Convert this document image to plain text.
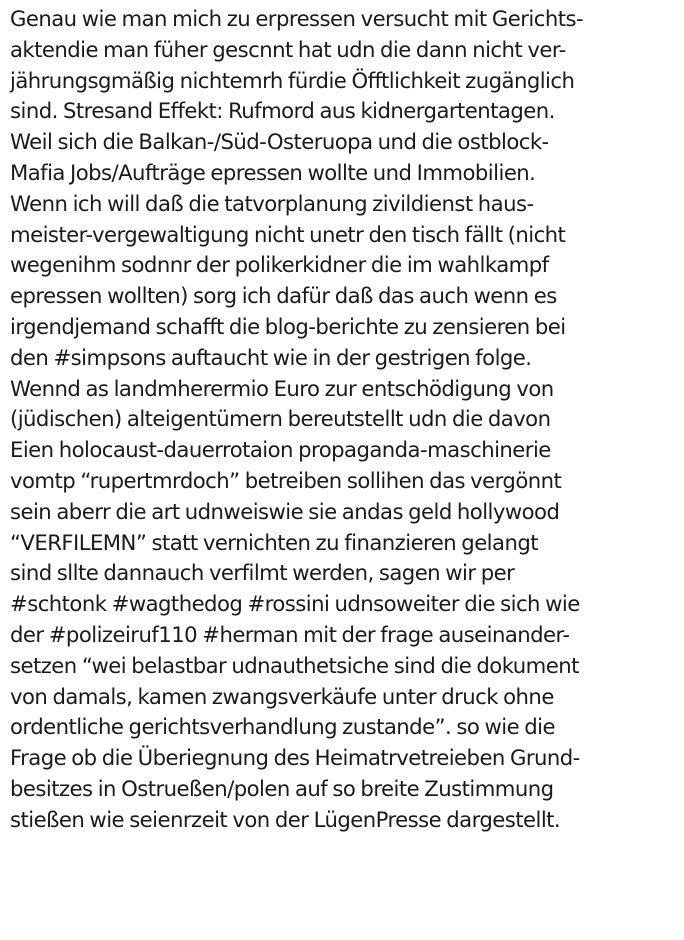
Genau wie man mich zu erpressen versucht mit Gerichts-
aktendie man füher gescnnt hat udn die dann nicht ver-
jährungsgmäßig nichtemrh fürdie Öfftlichkeit zugänglich
sind. Stresand Effekt: Rufmord aus kidnergartentagen.
Weil sich die Balkan-/Süd-Osteruopa und die ostblock-
Mafia Jobs/Aufträge epressen wollte und Immobilien.
Wenn ich will daß die tatvorplanung zivildienst haus-
meister-vergewaltigung nicht unetr den tisch fällt (nicht
wegenihm sodnnr der polikerkidner die im wahlkampf
epressen wollten) sorg ich dafür daß das auch wenn es
irgendjemand schafft die blog-berichte zu zensieren bei
den #simpsons auftaucht wie in der gestrigen folge.
Wennd as landmherermio Euro zur entschödigung von
(jüdischen) alteigentümern bereutstellt udn die davon
Eien holocaust-dauerrotaion propaganda-maschinerie
vomtp “rupertmrdoch” betreiben sollihen das vergönnt
sein aberr die art udnweiswie sie andas geld hollywood
“VERFILEMN” statt vernichten zu finanzieren gelangt
sind sllte dannauch verfilmt werden, sagen wir per
#schtonk #wagthedog #rossini udnsoweiter die sich wie
der #polizeiruf110 #herman mit der frage auseinander-
setzen “wei belastbar udnauthetsiche sind die dokument
von damals, kamen zwangsverkäufe unter druck ohne
ordentliche gerichtsverhandlung zustande”. so wie die
Frage ob die Überiegnung des Heimatrvetreieben Grund-
besitzes in Ostrueßen/polen auf so breite Zustimmung
stießen wie seienrzeit von der LügenPresse dargestellt.
